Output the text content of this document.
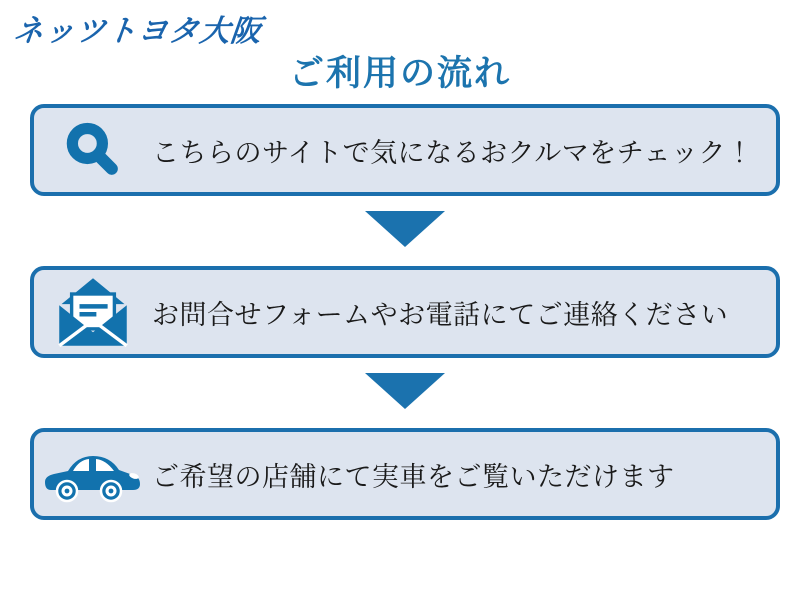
ネッツトヨタ大阪
ご利用の流れ
こちらのサイトで気になるおクルマをチェック！
お問合せフォームやお電話にてご連絡ください
ご希望の店舗にて実車をご覧いただけます
